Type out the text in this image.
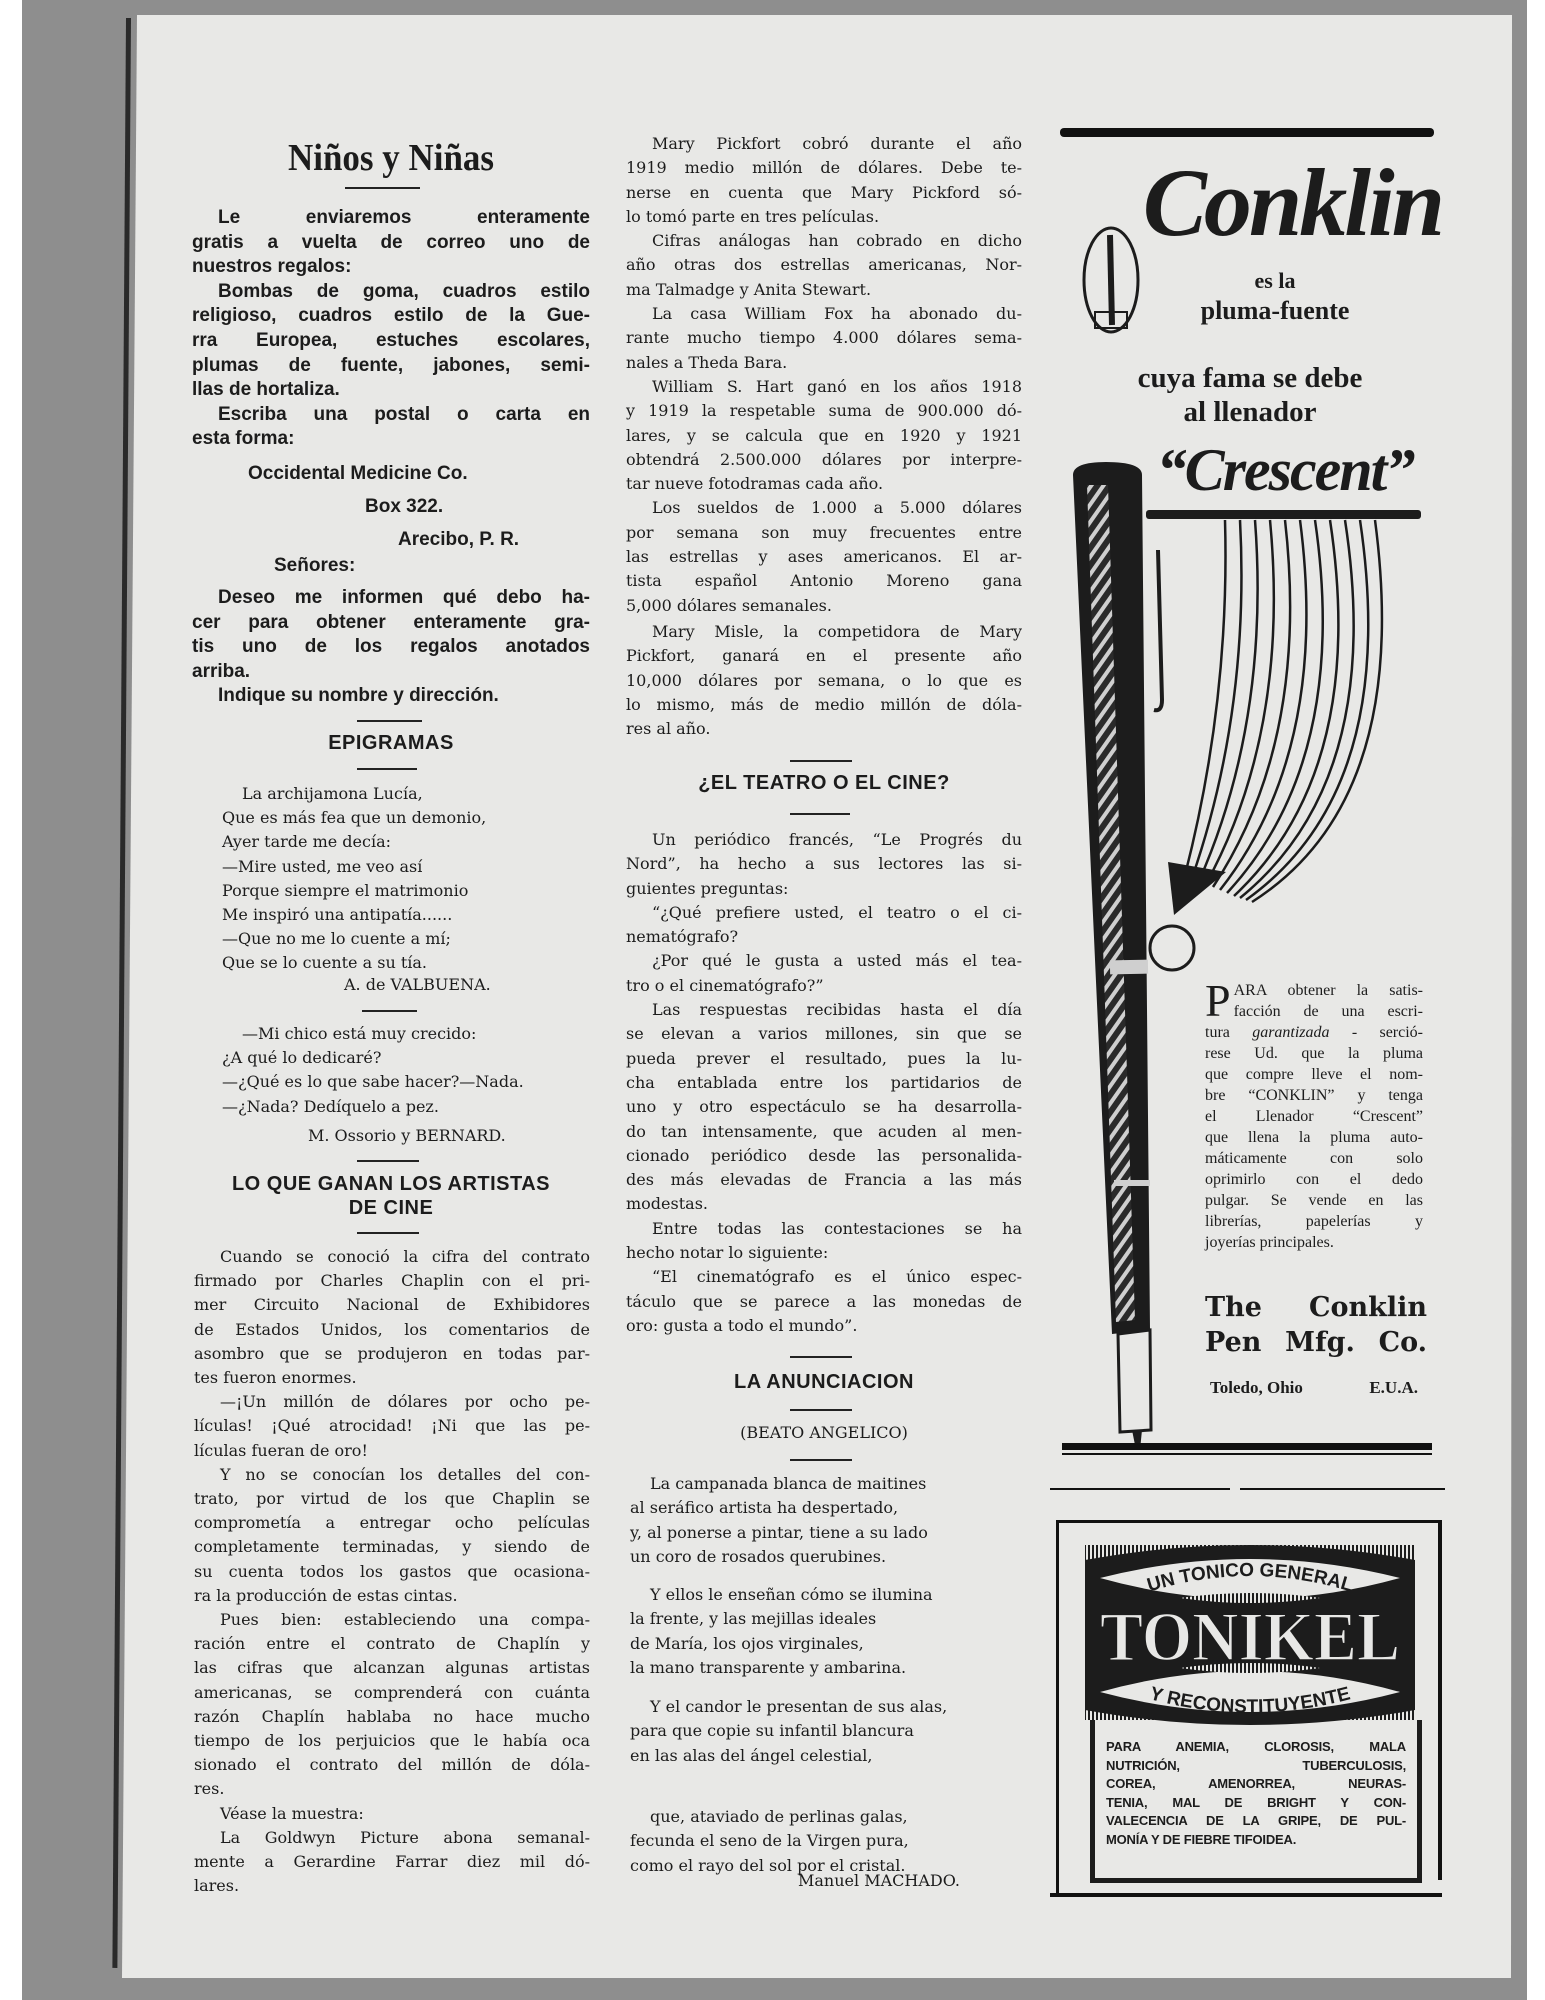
Niños y Niñas
Le enviaremos enteramente
gratis a vuelta de correo uno de
nuestros regalos:
Bombas de goma, cuadros estilo
religioso, cuadros estilo de la Gue-
rra Europea, estuches escolares,
plumas de fuente, jabones, semi-
llas de hortaliza.
Escriba una postal o carta en
esta forma:
Occidental Medicine Co.
Box 322.
Arecibo, P. R.
Señores:
Deseo me informen qué debo ha-
cer para obtener enteramente gra-
tis uno de los regalos anotados
arriba.
Indique su nombre y dirección.
EPIGRAMAS
La archijamona Lucía,
Que es más fea que un demonio,
Ayer tarde me decía:
—Mire usted, me veo así
Porque siempre el matrimonio
Me inspiró una antipatía......
—Que no me lo cuente a mí;
Que se lo cuente a su tía.
A. de VALBUENA.
—Mi chico está muy crecido:
¿A qué lo dedicaré?
—¿Qué es lo que sabe hacer?—Nada.
—¿Nada? Dedíquelo a pez.
M. Ossorio y BERNARD.
LO QUE GANAN LOS ARTISTAS
DE CINE
Cuando se conoció la cifra del contrato
firmado por Charles Chaplin con el pri-
mer Circuito Nacional de Exhibidores
de Estados Unidos, los comentarios de
asombro que se produjeron en todas par-
tes fueron enormes.
—¡Un millón de dólares por ocho pe-
lículas! ¡Qué atrocidad! ¡Ni que las pe-
lículas fueran de oro!
Y no se conocían los detalles del con-
trato, por virtud de los que Chaplin se
comprometía a entregar ocho películas
completamente terminadas, y siendo de
su cuenta todos los gastos que ocasiona-
ra la producción de estas cintas.
Pues bien: estableciendo una compa-
ración entre el contrato de Chaplín y
las cifras que alcanzan algunas artistas
americanas, se comprenderá con cuánta
razón Chaplín hablaba no hace mucho
tiempo de los perjuicios que le había oca
sionado el contrato del millón de dóla-
res.
Véase la muestra:
La Goldwyn Picture abona semanal-
mente a Gerardine Farrar diez mil dó-
lares.
Mary Pickfort cobró durante el año
1919 medio millón de dólares. Debe te-
nerse en cuenta que Mary Pickford só-
lo tomó parte en tres películas.
Cifras análogas han cobrado en dicho
año otras dos estrellas americanas, Nor-
ma Talmadge y Anita Stewart.
La casa William Fox ha abonado du-
rante mucho tiempo 4.000 dólares sema-
nales a Theda Bara.
William S. Hart ganó en los años 1918
y 1919 la respetable suma de 900.000 dó-
lares, y se calcula que en 1920 y 1921
obtendrá 2.500.000 dólares por interpre-
tar nueve fotodramas cada año.
Los sueldos de 1.000 a 5.000 dólares
por semana son muy frecuentes entre
las estrellas y ases americanos. El ar-
tista español Antonio Moreno gana
5,000 dólares semanales.
Mary Misle, la competidora de Mary
Pickfort, ganará en el presente año
10,000 dólares por semana, o lo que es
lo mismo, más de medio millón de dóla-
res al año.
¿EL TEATRO O EL CINE?
Un periódico francés, “Le Progrés du
Nord”, ha hecho a sus lectores las si-
guientes preguntas:
“¿Qué prefiere usted, el teatro o el ci-
nematógrafo?
¿Por qué le gusta a usted más el tea-
tro o el cinematógrafo?”
Las respuestas recibidas hasta el día
se elevan a varios millones, sin que se
pueda prever el resultado, pues la lu-
cha entablada entre los partidarios de
uno y otro espectáculo se ha desarrolla-
do tan intensamente, que acuden al men-
cionado periódico desde las personalida-
des más elevadas de Francia a las más
modestas.
Entre todas las contestaciones se ha
hecho notar lo siguiente:
“El cinematógrafo es el único espec-
táculo que se parece a las monedas de
oro: gusta a todo el mundo”.
LA ANUNCIACION
(BEATO ANGELICO)
La campanada blanca de maitines
al seráfico artista ha despertado,
y, al ponerse a pintar, tiene a su lado
un coro de rosados querubines.
Y ellos le enseñan cómo se ilumina
la frente, y las mejillas ideales
de María, los ojos virginales,
la mano transparente y ambarina.
Y el candor le presentan de sus alas,
para que copie su infantil blancura
en las alas del ángel celestial,
que, ataviado de perlinas galas,
fecunda el seno de la Virgen pura,
como el rayo del sol por el cristal.
Manuel MACHADO.
Conklin
es la
pluma-fuente
cuya fama se debe
al llenador
“Crescent”
P ARA obtener la satis-
facción de una escri-
tura garantizada - serció-
rese Ud. que la pluma
que compre lleve el nom-
bre “CONKLIN” y tenga
el Llenador “Crescent”
que llena la pluma auto-
máticamente con solo
oprimirlo con el dedo
pulgar. Se vende en las
librerías, papelerías y
joyerías principales.
The Conklin
Pen Mfg. Co.
Toledo, Ohio	E.U.A.
UN TONICO GENERAL
Y RECONSTITUYENTE
TONIKEL
PARA ANEMIA, CLOROSIS, MALA
NUTRICIÓN, TUBERCULOSIS,
COREA, AMENORREA, NEURAS-
TENIA, MAL DE BRIGHT Y CON-
VALECENCIA DE LA GRIPE, DE PUL-
MONÍA Y DE FIEBRE TIFOIDEA.
